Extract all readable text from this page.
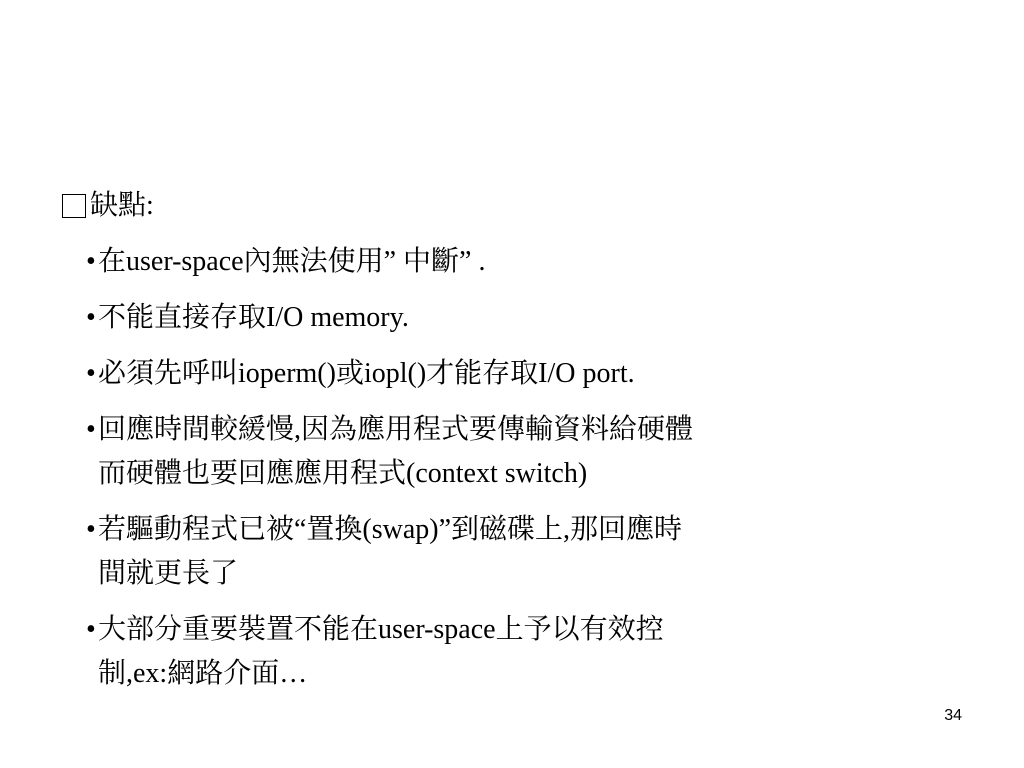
缺點:
• 在user-space內無法使用” 中斷” .
• 不能直接存取I/O memory.
• 必須先呼叫ioperm()或iopl()才能存取I/O port.
• 回應時間較緩慢,因為應用程式要傳輸資料給硬體
而硬體也要回應應用程式(context switch)
• 若驅動程式已被“置換(swap)”到磁碟上,那回應時
間就更長了
• 大部分重要裝置不能在user-space上予以有效控
制,ex:網路介面…
34
